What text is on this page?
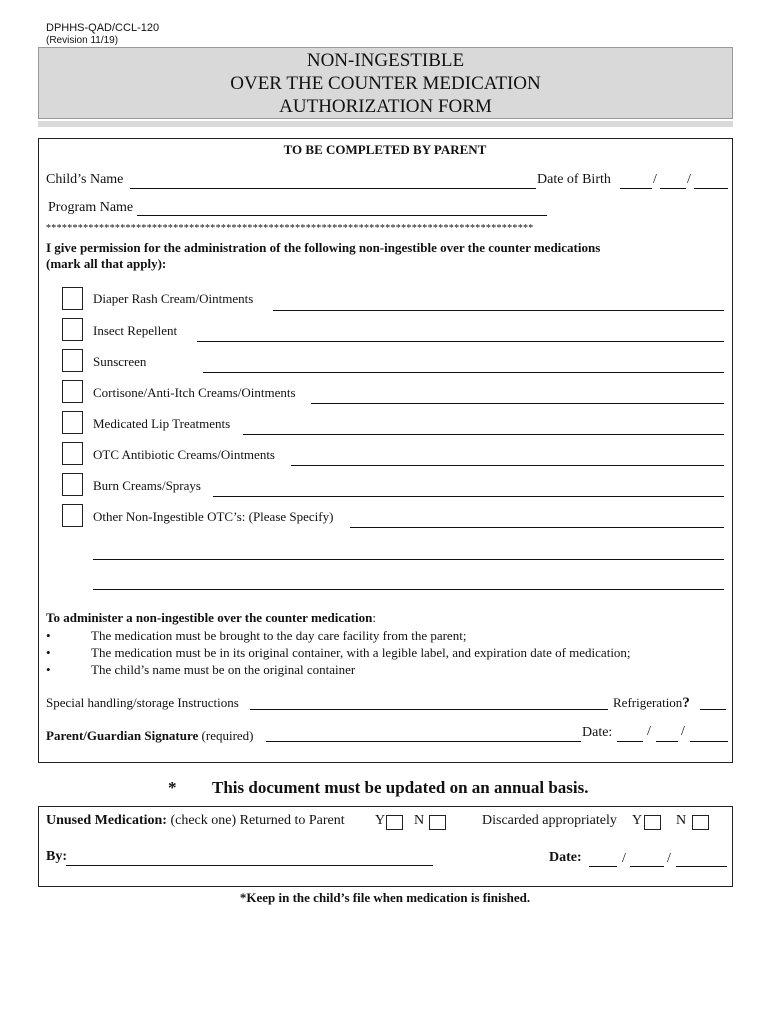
DPHHS-QAD/CCL-120
(Revision 11/19)
NON-INGESTIBLE
OVER THE COUNTER MEDICATION
AUTHORIZATION FORM
TO BE COMPLETED BY PARENT
Child’s Name	Date of Birth	/ /
Program Name
********************************************************************************************
I give permission for the administration of the following non-ingestible over the counter medications
(mark all that apply):
Diaper Rash Cream/Ointments
Insect Repellent
Sunscreen
Cortisone/Anti-Itch Creams/Ointments
Medicated Lip Treatments
OTC Antibiotic Creams/Ointments
Burn Creams/Sprays
Other Non-Ingestible OTC’s: (Please Specify)
To administer a non-ingestible over the counter medication:
•	The medication must be brought to the day care facility from the parent;
•	The medication must be in its original container, with a legible label, and expiration date of medication;
•	The child’s name must be on the original container
Special handling/storage Instructions	Refrigeration?
Parent/Guardian Signature (required)	Date: / /
* This document must be updated on an annual basis.
Unused Medication: (check one) Returned to Parent Y N	Discarded appropriately Y N
By:	Date:	/	/
*Keep in the child’s file when medication is finished.
